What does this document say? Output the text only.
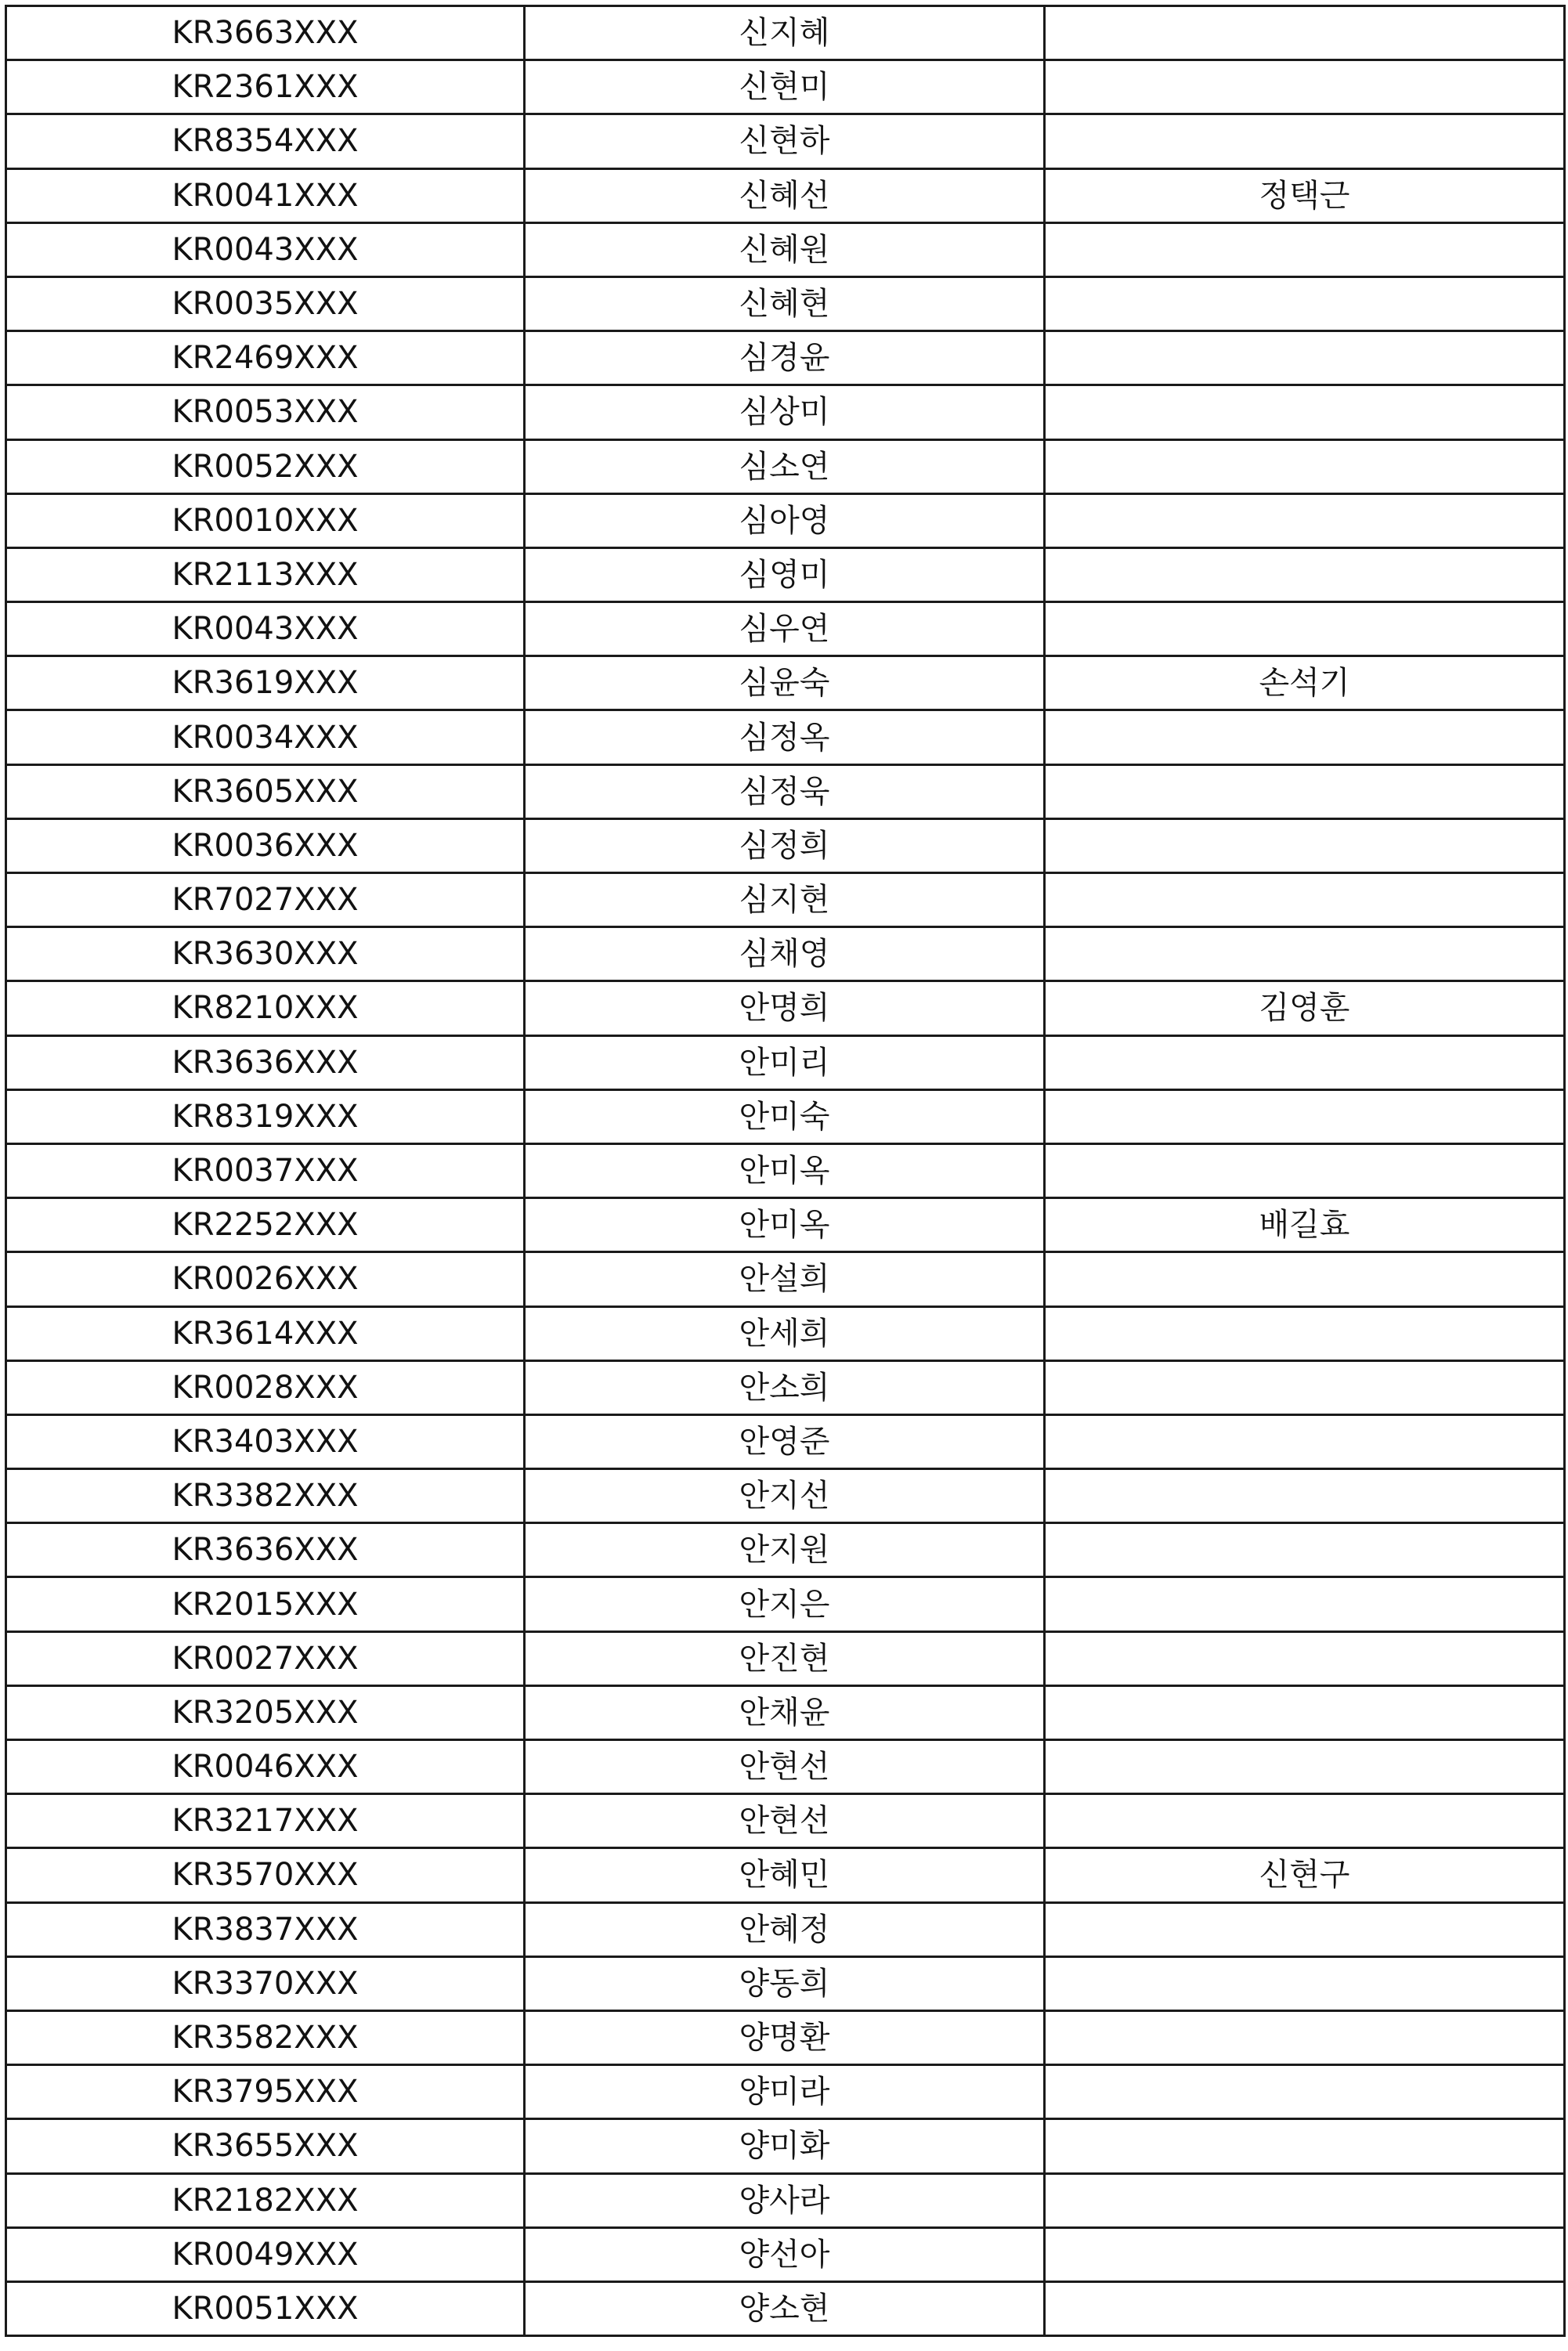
KR3663XXX	신지혜	
KR2361XXX	신현미	
KR8354XXX	신현하	
KR0041XXX	신혜선	정택근
KR0043XXX	신혜원	
KR0035XXX	신혜현	
KR2469XXX	심경윤	
KR0053XXX	심상미	
KR0052XXX	심소연	
KR0010XXX	심아영	
KR2113XXX	심영미	
KR0043XXX	심우연	
KR3619XXX	심윤숙	손석기
KR0034XXX	심정옥	
KR3605XXX	심정욱	
KR0036XXX	심정희	
KR7027XXX	심지현	
KR3630XXX	심채영	
KR8210XXX	안명희	김영훈
KR3636XXX	안미리	
KR8319XXX	안미숙	
KR0037XXX	안미옥	
KR2252XXX	안미옥	배길효
KR0026XXX	안설희	
KR3614XXX	안세희	
KR0028XXX	안소희	
KR3403XXX	안영준	
KR3382XXX	안지선	
KR3636XXX	안지원	
KR2015XXX	안지은	
KR0027XXX	안진현	
KR3205XXX	안채윤	
KR0046XXX	안현선	
KR3217XXX	안현선	
KR3570XXX	안혜민	신현구
KR3837XXX	안혜정	
KR3370XXX	양동희	
KR3582XXX	양명환	
KR3795XXX	양미라	
KR3655XXX	양미화	
KR2182XXX	양사라	
KR0049XXX	양선아	
KR0051XXX	양소현	
